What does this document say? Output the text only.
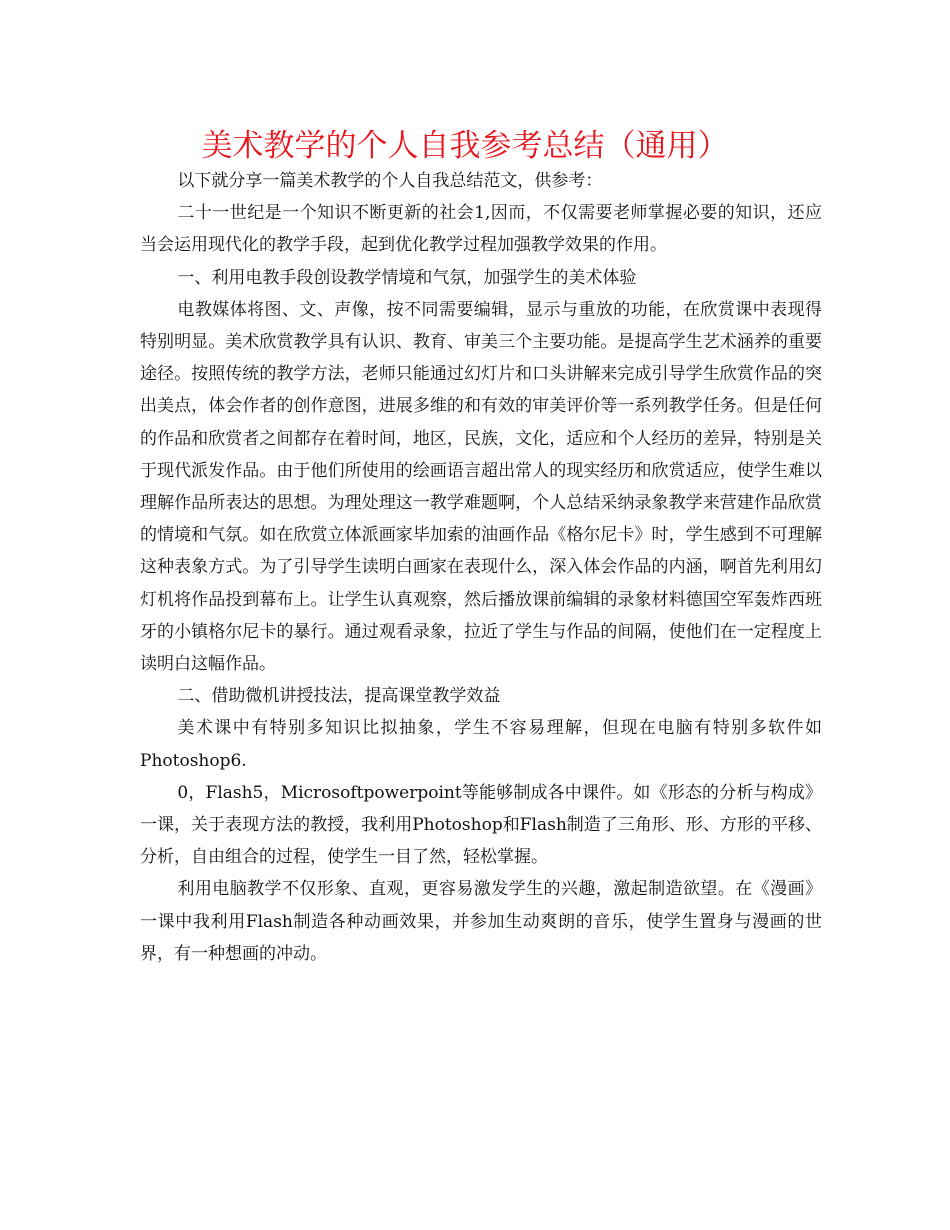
美术教学的个人自我参考总结（通用）

以下就分享一篇美术教学的个人自我总结范文，供参考：

二十一世纪是一个知识不断更新的社会1,因而，不仅需要老师掌握必要的知识，还应当会运用现代化的教学手段，起到优化教学过程加强教学效果的作用。

一、利用电教手段创设教学情境和气氛，加强学生的美术体验

电教媒体将图、文、声像，按不同需要编辑，显示与重放的功能，在欣赏课中表现得特别明显。美术欣赏教学具有认识、教育、审美三个主要功能。是提高学生艺术涵养的重要途径。按照传统的教学方法，老师只能通过幻灯片和口头讲解来完成引导学生欣赏作品的突出美点，体会作者的创作意图，进展多维的和有效的审美评价等一系列教学任务。但是任何的作品和欣赏者之间都存在着时间，地区，民族，文化，适应和个人经历的差异，特别是关于现代派发作品。由于他们所使用的绘画语言超出常人的现实经历和欣赏适应，使学生难以理解作品所表达的思想。为理处理这一教学难题啊，个人总结采纳录象教学来营建作品欣赏的情境和气氛。如在欣赏立体派画家毕加索的油画作品《格尔尼卡》时，学生感到不可理解这种表象方式。为了引导学生读明白画家在表现什么，深入体会作品的内涵，啊首先利用幻灯机将作品投到幕布上。让学生认真观察，然后播放课前编辑的录象材料德国空军轰炸西班牙的小镇格尔尼卡的暴行。通过观看录象，拉近了学生与作品的间隔，使他们在一定程度上读明白这幅作品。

二、借助微机讲授技法，提高课堂教学效益

美术课中有特别多知识比拟抽象，学生不容易理解，但现在电脑有特别多软件如Photoshop6.

0，Flash5，Microsoftpowerpoint等能够制成各中课件。如《形态的分析与构成》一课，关于表现方法的教授，我利用Photoshop和Flash制造了三角形、形、方形的平移、分析，自由组合的过程，使学生一目了然，轻松掌握。

利用电脑教学不仅形象、直观，更容易激发学生的兴趣，激起制造欲望。在《漫画》一课中我利用Flash制造各种动画效果，并参加生动爽朗的音乐，使学生置身与漫画的世界，有一种想画的冲动。
